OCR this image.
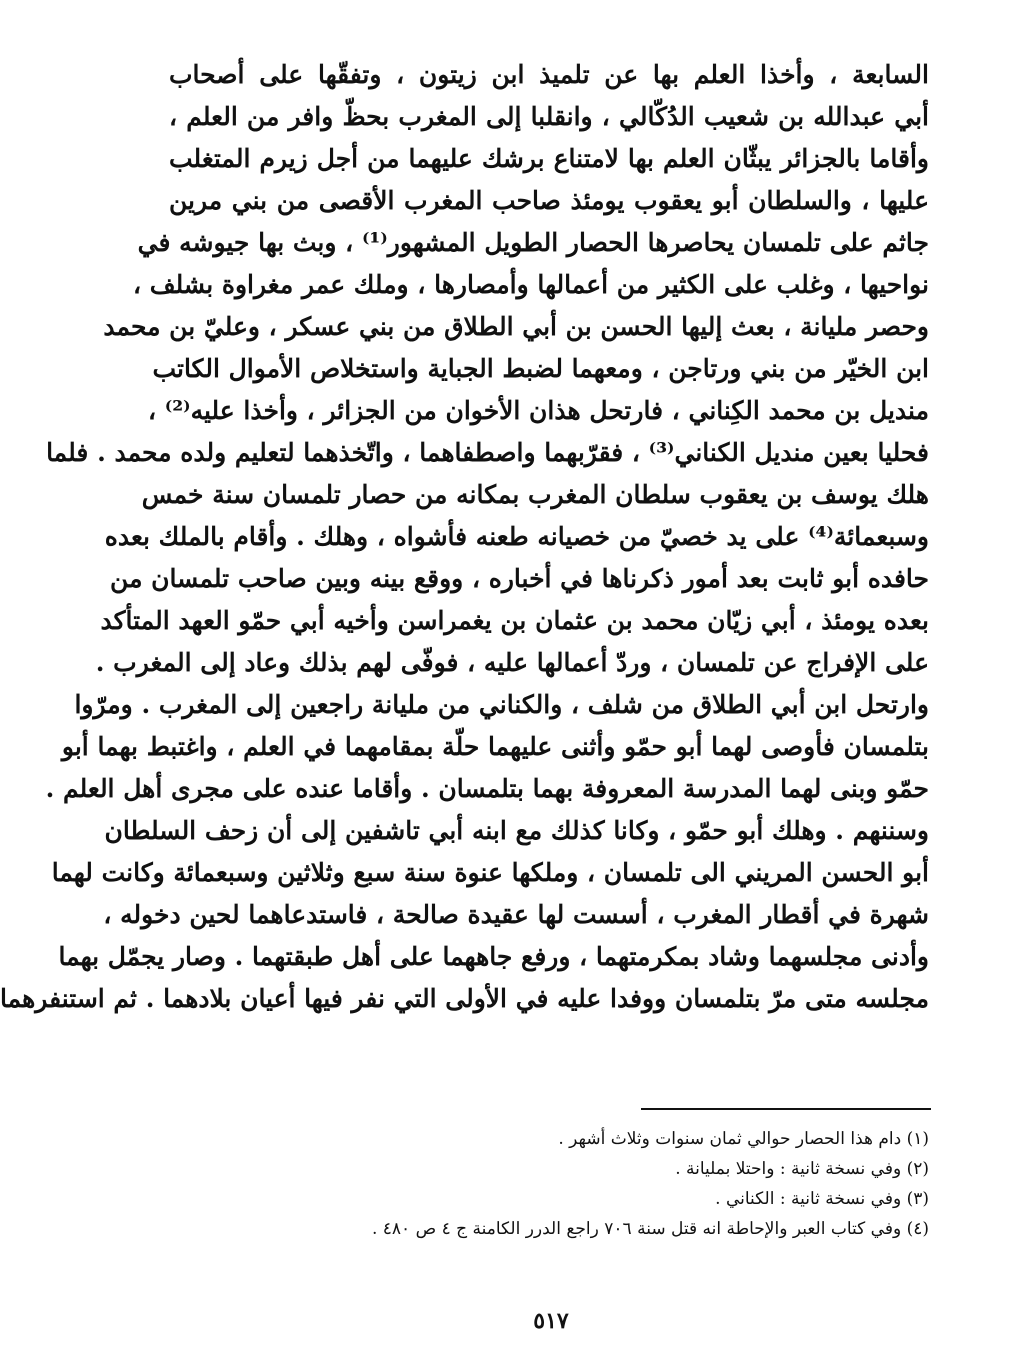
السابعة ، وأخذا العلم بها عن تلميذ ابن زيتون ، وتفقّها على أصحاب
أبي عبدالله بن شعيب الدُكّالي ، وانقلبا إلى المغرب بحظّ وافر من العلم ،
وأقاما بالجزائر يبثّان العلم بها لامتناع برشك عليهما من أجل زيرم المتغلب
عليها ، والسلطان أبو يعقوب يومئذ صاحب المغرب الأقصى من بني مرين
جاثم على تلمسان يحاصرها الحصار الطويل المشهور⁽¹⁾ ، وبث بها جيوشه في
نواحيها ، وغلب على الكثير من أعمالها وأمصارها ، وملك عمر مغراوة بشلف ،
وحصر مليانة ، بعث إليها الحسن بن أبي الطلاق من بني عسكر ، وعليّ بن محمد
ابن الخيّر من بني ورتاجن ، ومعهما لضبط الجباية واستخلاص الأموال الكاتب
منديل بن محمد الكِناني ، فارتحل هذان الأخوان من الجزائر ، وأخذا عليه⁽²⁾ ،
فحليا بعين منديل الكناني⁽³⁾ ، فقرّبهما واصطفاهما ، واتّخذهما لتعليم ولده محمد . فلما
هلك يوسف بن يعقوب سلطان المغرب بمكانه من حصار تلمسان سنة خمس
وسبعمائة⁽⁴⁾ على يد خصيّ من خصيانه طعنه فأشواه ، وهلك . وأقام بالملك بعده
حافده أبو ثابت بعد أمور ذكرناها في أخباره ، ووقع بينه وبين صاحب تلمسان من
بعده يومئذ ، أبي زيّان محمد بن عثمان بن يغمراسن وأخيه أبي حمّو العهد المتأكد
على الإفراج عن تلمسان ، وردّ أعمالها عليه ، فوفّى لهم بذلك وعاد إلى المغرب .
وارتحل ابن أبي الطلاق من شلف ، والكناني من مليانة راجعين إلى المغرب . ومرّوا
بتلمسان فأوصى لهما أبو حمّو وأثنى عليهما حلّة بمقامهما في العلم ، واغتبط بهما أبو
حمّو وبنى لهما المدرسة المعروفة بهما بتلمسان . وأقاما عنده على مجرى أهل العلم .
وسننهم . وهلك أبو حمّو ، وكانا كذلك مع ابنه أبي تاشفين إلى أن زحف السلطان
أبو الحسن المريني الى تلمسان ، وملكها عنوة سنة سبع وثلاثين وسبعمائة وكانت لهما
شهرة في أقطار المغرب ، أسست لها عقيدة صالحة ، فاستدعاهما لحين دخوله ،
وأدنى مجلسهما وشاد بمكرمتهما ، ورفع جاههما على أهل طبقتهما . وصار يجمّل بهما
مجلسه متى مرّ بتلمسان ووفدا عليه في الأولى التي نفر فيها أعيان بلادهما . ثم استنفرهما
(١) دام هذا الحصار حوالي ثمان سنوات وثلاث أشهر .
(٢) وفي نسخة ثانية : واحتلا بمليانة .
(٣) وفي نسخة ثانية : الكناني .
(٤) وفي كتاب العبر والإحاطة انه قتل سنة ٧٠٦ راجع الدرر الكامنة ج ٤ ص ٤٨٠ .
٥١٧
